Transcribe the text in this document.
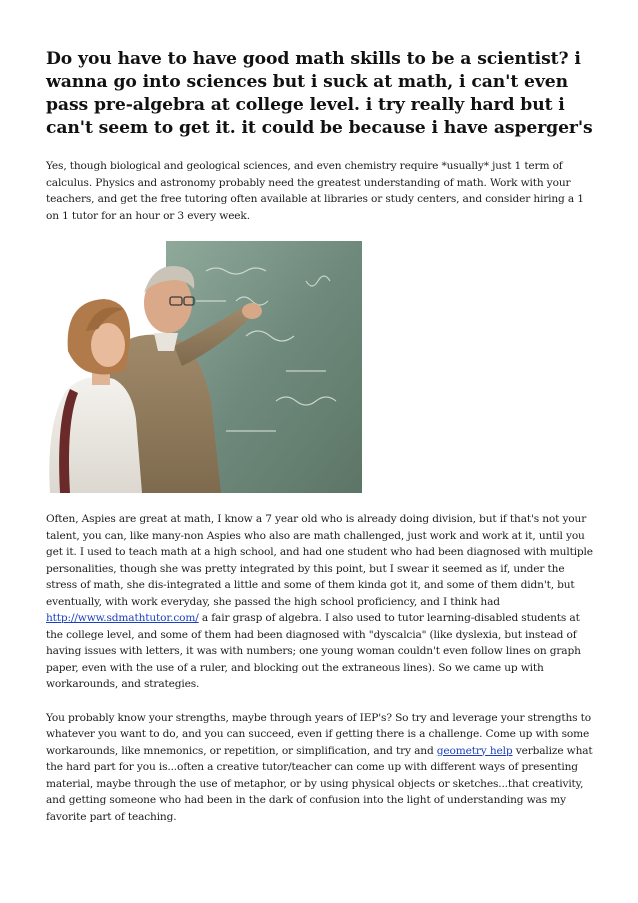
Do you have to have good math skills to be a scientist? i wanna go into sciences but i suck at math, i can't even pass pre-algebra at college level. i try really hard but i can't seem to get it. it could be because i have asperger's

Yes, though biological and geological sciences, and even chemistry require *usually* just 1 term of calculus. Physics and astronomy probably need the greatest understanding of math. Work with your teachers, and get the free tutoring often available at libraries or study centers, and consider hiring a 1 on 1 tutor for an hour or 3 every week.

Often, Aspies are great at math, I know a 7 year old who is already doing division, but if that's not your talent, you can, like many-non Aspies who also are math challenged, just work and work at it, until you get it. I used to teach math at a high school, and had one student who had been diagnosed with multiple personalities, though she was pretty integrated by this point, but I swear it seemed as if, under the stress of math, she dis-integrated a little and some of them kinda got it, and some of them didn't, but eventually, with work everyday, she passed the high school proficiency, and I think had http://www.sdmathtutor.com/ a fair grasp of algebra. I also used to tutor learning-disabled students at the college level, and some of them had been diagnosed with "dyscalcia" (like dyslexia, but instead of having issues with letters, it was with numbers; one young woman couldn't even follow lines on graph paper, even with the use of a ruler, and blocking out the extraneous lines). So we came up with workarounds, and strategies.

You probably know your strengths, maybe through years of IEP's? So try and leverage your strengths to whatever you want to do, and you can succeed, even if getting there is a challenge. Come up with some workarounds, like mnemonics, or repetition, or simplification, and try and geometry help verbalize what the hard part for you is...often a creative tutor/teacher can come up with different ways of presenting material, maybe through the use of metaphor, or by using physical objects or sketches...that creativity, and getting someone who had been in the dark of confusion into the light of understanding was my favorite part of teaching.
